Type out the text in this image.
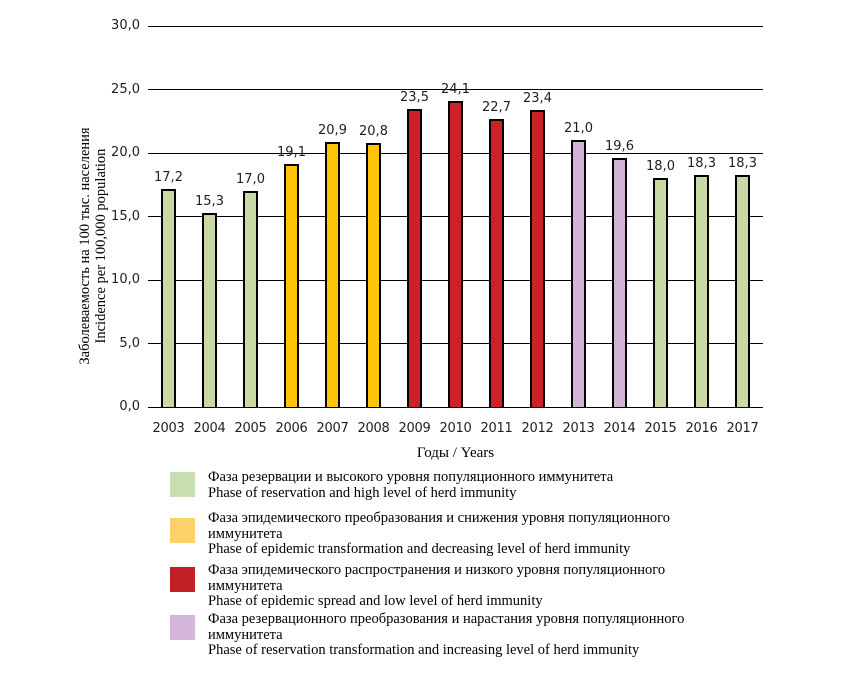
Заболеваемость на 100 тыс. населения Incidence per 100,000 population
30,0
25,0
20,0
15,0
10,0
5,0
0,0
17,2
2003
15,3
2004
17,0
2005
19,1
2006
20,9
2007
20,8
2008
23,5
2009
24,1
2010
22,7
2011
23,4
2012
21,0
2013
19,6
2014
18,0
2015
18,3
2016
18,3
2017
Годы / Years
Фаза резервации и высокого уровня популяционного иммунитета
Phase of reservation and high level of herd immunity
Фаза эпидемического преобразования и снижения уровня популяционного иммунитета
Phase of epidemic transformation and decreasing level of herd immunity
Фаза эпидемического распространения и низкого уровня популяционного иммунитета
Phase of epidemic spread and low level of herd immunity
Фаза резервационного преобразования и нарастания уровня популяционного иммунитета
Phase of reservation transformation and increasing level of herd immunity
